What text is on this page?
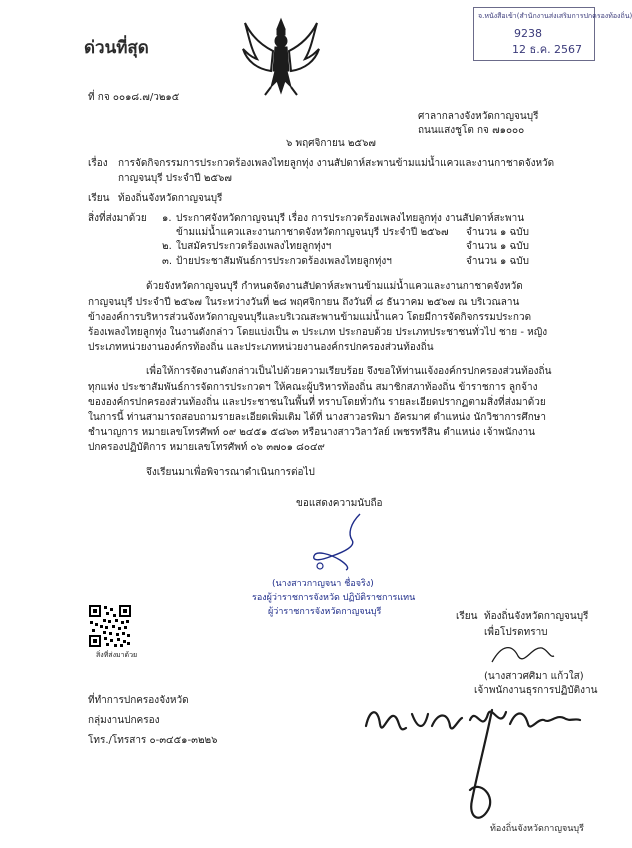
จ.หนังสือเข้า(สำนักงานส่งเสริมการปกครองท้องถิ่น)
9238
12 ธ.ค. 2567
ด่วนที่สุด
ที่ กจ ๐๐๑๘.๗/ว๒๑๕
ศาลากลางจังหวัดกาญจนบุรี
ถนนแสงชูโต กจ ๗๑๐๐๐
๖ พฤศจิกายน ๒๕๖๗
เรื่อง การจัดกิจกรรมการประกวดร้องเพลงไทยลูกทุ่ง งานสัปดาห์สะพานข้ามแม่น้ำแควและงานกาชาดจังหวัด
กาญจนบุรี ประจำปี ๒๕๖๗
เรียน ท้องถิ่นจังหวัดกาญจนบุรี
สิ่งที่ส่งมาด้วย ๑. ประกาศจังหวัดกาญจนบุรี เรื่อง การประกวดร้องเพลงไทยลูกทุ่ง งานสัปดาห์สะพาน
ข้ามแม่น้ำแควและงานกาชาดจังหวัดกาญจนบุรี ประจำปี ๒๕๖๗ จำนวน ๑ ฉบับ
๒. ใบสมัครประกวดร้องเพลงไทยลูกทุ่งฯ	จำนวน ๑ ฉบับ
๓. ป้ายประชาสัมพันธ์การประกวดร้องเพลงไทยลูกทุ่งฯ	จำนวน ๑ ฉบับ
ด้วยจังหวัดกาญจนบุรี กำหนดจัดงานสัปดาห์สะพานข้ามแม่น้ำแควและงานกาชาดจังหวัด
กาญจนบุรี ประจำปี ๒๕๖๗ ในระหว่างวันที่ ๒๘ พฤศจิกายน ถึงวันที่ ๘ ธันวาคม ๒๕๖๗ ณ บริเวณลาน
ข้างองค์การบริหารส่วนจังหวัดกาญจนบุรีและบริเวณสะพานข้ามแม่น้ำแคว โดยมีการจัดกิจกรรมประกวด
ร้องเพลงไทยลูกทุ่ง ในงานดังกล่าว โดยแบ่งเป็น ๓ ประเภท ประกอบด้วย ประเภทประชาชนทั่วไป ชาย - หญิง
ประเภทหน่วยงานองค์กรท้องถิ่น และประเภทหน่วยงานองค์กรปกครองส่วนท้องถิ่น
เพื่อให้การจัดงานดังกล่าวเป็นไปด้วยความเรียบร้อย จึงขอให้ท่านแจ้งองค์กรปกครองส่วนท้องถิ่น
ทุกแห่ง ประชาสัมพันธ์การจัดการประกวดฯ ให้คณะผู้บริหารท้องถิ่น สมาชิกสภาท้องถิ่น ข้าราชการ ลูกจ้าง
ขององค์กรปกครองส่วนท้องถิ่น และประชาชนในพื้นที่ ทราบโดยทั่วกัน รายละเอียดปรากฏตามสิ่งที่ส่งมาด้วย
ในการนี้ ท่านสามารถสอบถามรายละเอียดเพิ่มเติม ได้ที่ นางสาวอรพิมา อัครมาศ ตำแหน่ง นักวิชาการศึกษา
ชำนาญการ หมายเลขโทรศัพท์ ๐๙ ๒๔๕๑ ๕๘๖๓ หรือนางสาววิลาวัลย์ เพชรทรีสิน ตำแหน่ง เจ้าพนักงาน
ปกครองปฏิบัติการ หมายเลขโทรศัพท์ ๐๖ ๓๗๐๑ ๘๐๔๙
จึงเรียนมาเพื่อพิจารณาดำเนินการต่อไป
ขอแสดงความนับถือ
(นางสาวกาญจนา ชื่อจริง)
รองผู้ว่าราชการจังหวัด ปฏิบัติราชการแทน
ผู้ว่าราชการจังหวัดกาญจนบุรี
สิ่งที่ส่งมาด้วย
ที่ทำการปกครองจังหวัด
กลุ่มงานปกครอง
โทร./โทรสาร ๐-๓๔๕๑-๓๒๒๖
เรียน ท้องถิ่นจังหวัดกาญจนบุรี
เพื่อโปรดทราบ
(นางสาวศศิมา แก้วใส)
เจ้าพนักงานธุรการปฏิบัติงาน
ท้องถิ่นจังหวัดกาญจนบุรี
